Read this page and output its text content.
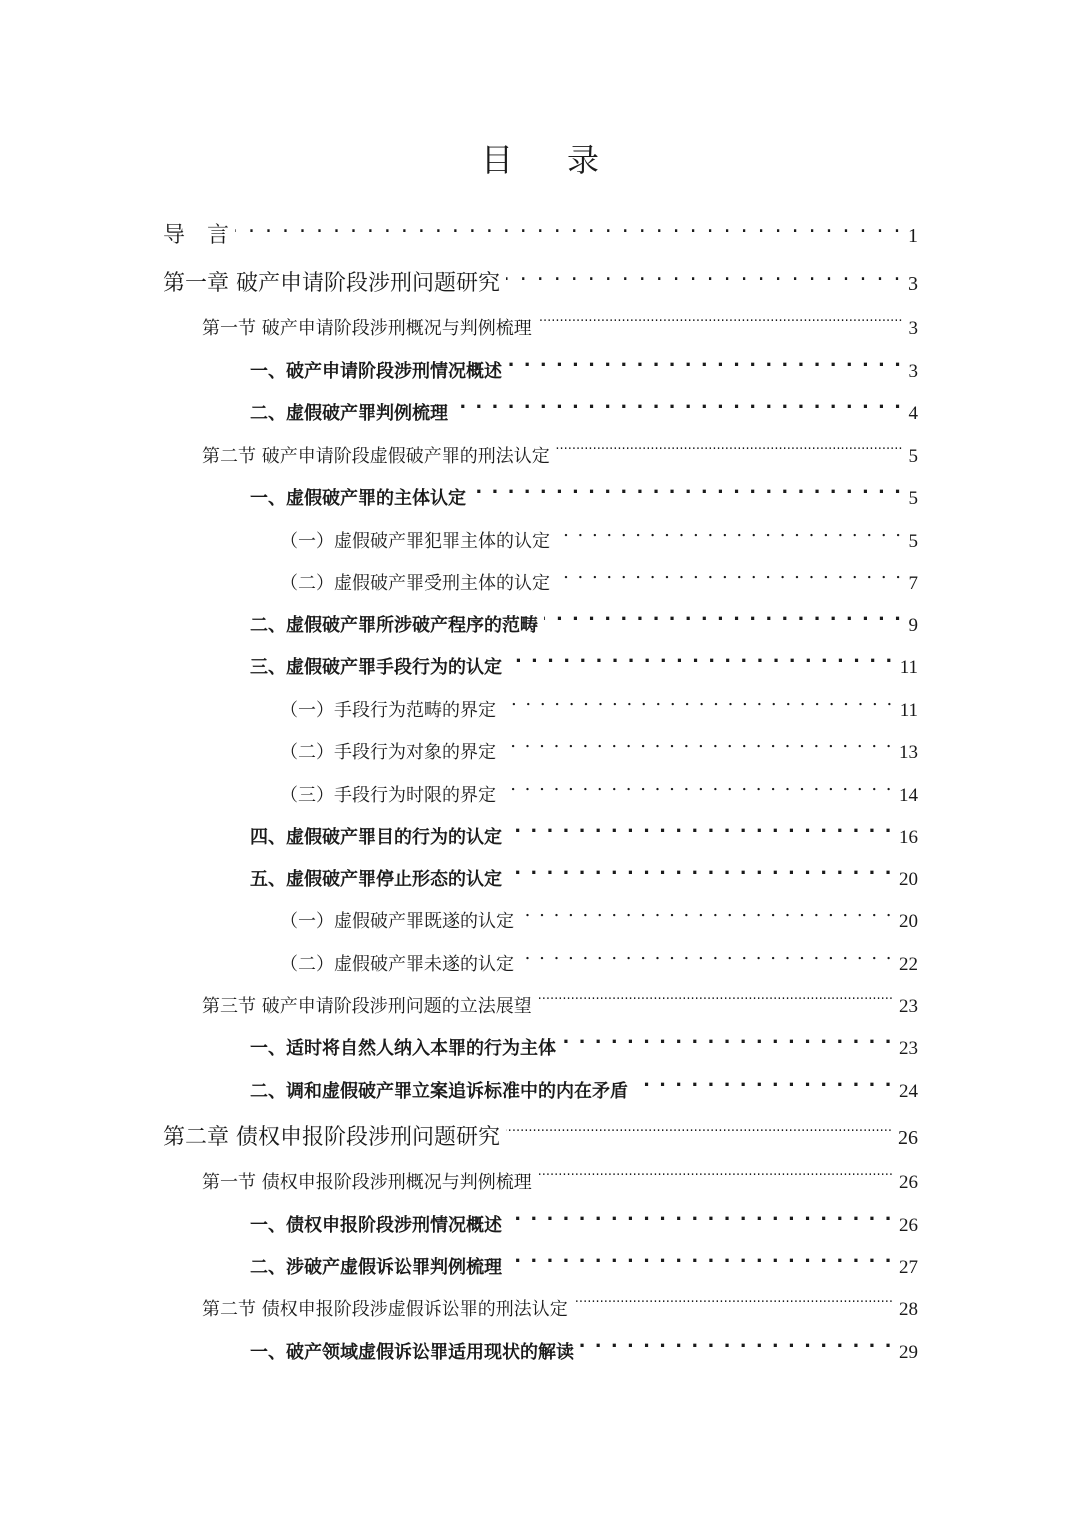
目录
导　言 . . .	1
第一章 破产申请阶段涉刑问题研究 . . .	3
第一节 破产申请阶段涉刑概况与判例梳理 .....	3
一、破产申请阶段涉刑情况概述 . . .	3
二、虚假破产罪判例梳理 . . .	4
第二节 破产申请阶段虚假破产罪的刑法认定 .....	5
一、虚假破产罪的主体认定 . . .	5
（一）虚假破产罪犯罪主体的认定 . . .	5
（二）虚假破产罪受刑主体的认定 . . .	7
二、虚假破产罪所涉破产程序的范畴 . . .	9
三、虚假破产罪手段行为的认定 . . .	11
（一）手段行为范畴的界定 . . .	11
（二）手段行为对象的界定 . . .	13
（三）手段行为时限的界定 . . .	14
四、虚假破产罪目的行为的认定 . . .	16
五、虚假破产罪停止形态的认定 . . .	20
（一）虚假破产罪既遂的认定 . . .	20
（二）虚假破产罪未遂的认定 . . .	22
第三节 破产申请阶段涉刑问题的立法展望 .....	23
一、适时将自然人纳入本罪的行为主体 . . .	23
二、调和虚假破产罪立案追诉标准中的内在矛盾 . . .	24
第二章 债权申报阶段涉刑问题研究 .....	26
第一节 债权申报阶段涉刑概况与判例梳理 .....	26
一、债权申报阶段涉刑情况概述 . . .	26
二、涉破产虚假诉讼罪判例梳理 . . .	27
第二节 债权申报阶段涉虚假诉讼罪的刑法认定 .....	28
一、破产领域虚假诉讼罪适用现状的解读 . . .	29
